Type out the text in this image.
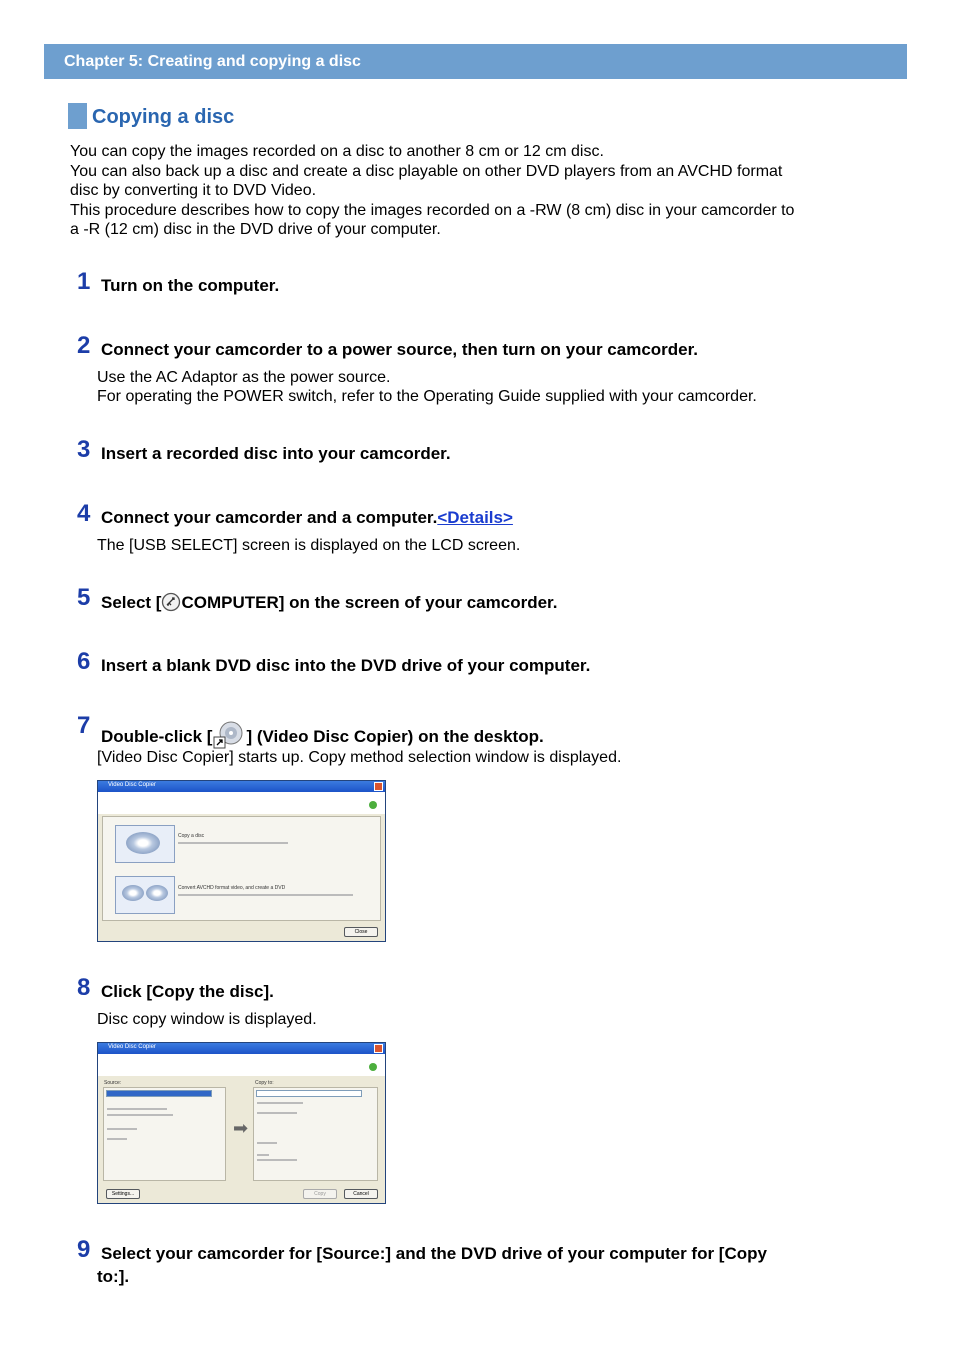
Chapter 5: Creating and copying a disc
Copying a disc
You can copy the images recorded on a disc to another 8 cm or 12 cm disc.
You can also back up a disc and create a disc playable on other DVD players from an AVCHD format
disc by converting it to DVD Video.
This procedure describes how to copy the images recorded on a -RW (8 cm) disc in your camcorder to
a -R (12 cm) disc in the DVD drive of your computer.
1 Turn on the computer.
2 Connect your camcorder to a power source, then turn on your camcorder.
Use the AC Adaptor as the power source.
For operating the POWER switch, refer to the Operating Guide supplied with your camcorder.
3 Insert a recorded disc into your camcorder.
4 Connect your camcorder and a computer.<Details>
The [USB SELECT] screen is displayed on the LCD screen.
5 Select [ COMPUTER] on the screen of your camcorder.
6 Insert a blank DVD disc into the DVD drive of your computer.
7 Double-click [ ] (Video Disc Copier) on the desktop.
[Video Disc Copier] starts up. Copy method selection window is displayed.
Video Disc Copier
Copy a disc
Convert AVCHD format video, and create a DVD
Close
8 Click [Copy the disc].
Disc copy window is displayed.
Video Disc Copier
Source:
➡
Copy to:
Settings...	Copy	Cancel
9 Select your camcorder for [Source:] and the DVD drive of your computer for [Copy
to:].
